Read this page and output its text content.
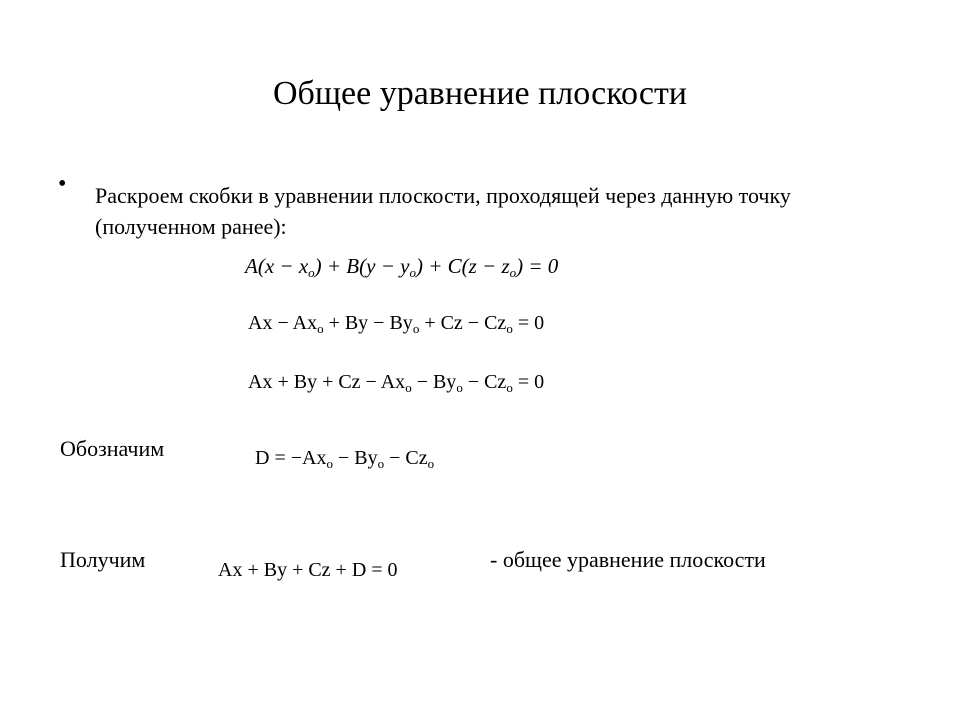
Общее уравнение плоскости
• Раскроем скобки в уравнении плоскости, проходящей через данную точку (полученном ранее):
$A(x - x_o) + B(y - y_o) + C(z - z_o) = 0$
$Ax - Ax_o + By - By_o + Cz - Cz_o = 0$
$Ax + By + Cz - Ax_o - By_o - Cz_o = 0$
Обозначим	$D = -Ax_o - By_o - Cz_o$
Получим	Ax + By + Cz + D = 0	- общее уравнение плоскости
